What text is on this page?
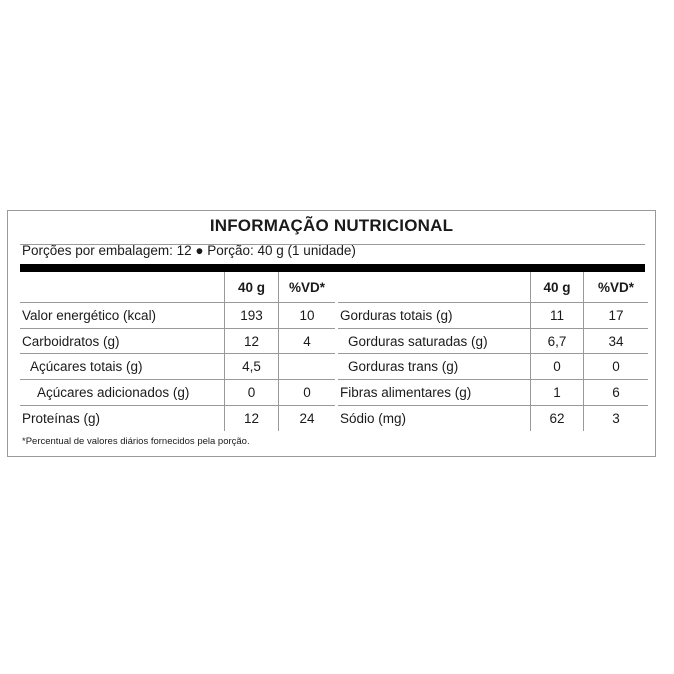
INFORMAÇÃO NUTRICIONAL
Porções por embalagem: 12 ● Porção: 40 g (1 unidade)
40 g	%VD*
Valor energético (kcal)	193	10
Carboidratos (g)	12	4
Açúcares totais (g)	4,5
Açúcares adicionados (g)	0	0
Proteínas (g)	12	24
40 g	%VD*
Gorduras totais (g)	11	17
Gorduras saturadas (g)	6,7	34
Gorduras trans (g)	0	0
Fibras alimentares (g)	1	6
Sódio (mg)	62	3
*Percentual de valores diários fornecidos pela porção.
